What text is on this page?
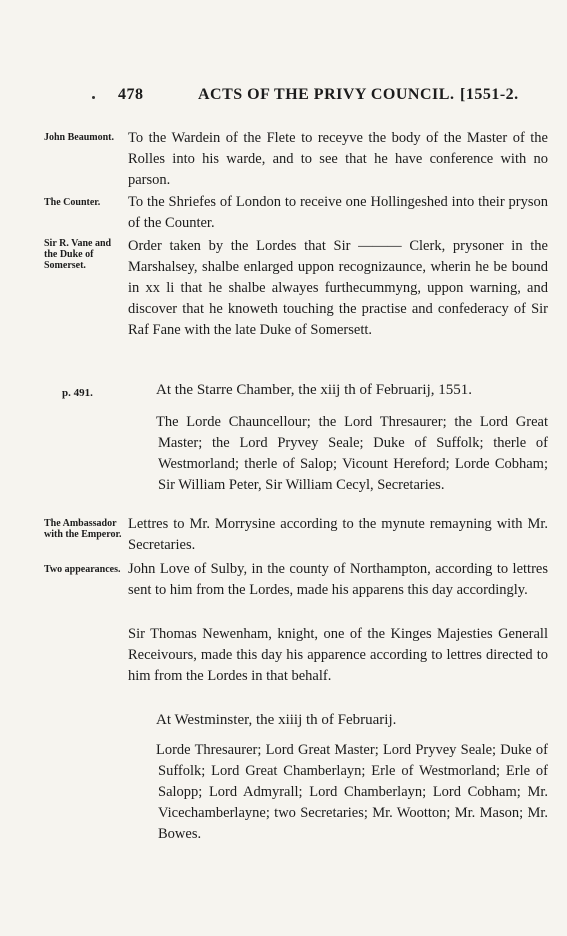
478	ACTS OF THE PRIVY COUNCIL. [1551-2.
John Beaumont. To the Wardein of the Flete to receyve the body of the Master of the Rolles into his warde, and to see that he have conference with no parson.
The Counter.	To the Shriefes of London to receive one Hollingeshed into their pryson of the Counter.
Sir R. Vane and the Duke of Somerset.
Order taken by the Lordes that Sir ——— Clerk, prysoner in the Marshalsey, shalbe enlarged uppon recognizaunce, wherin he be bound in xx li that he shalbe alwayes furthecummyng, uppon warning, and discover that he knoweth touching the practise and confederacy of Sir Raf Fane with the late Duke of Somersett.
p. 491.	At the Starre Chamber, the xiij th of Februarij, 1551.
The Lorde Chauncellour; the Lord Thresaurer; the Lord Great Master; the Lord Pryvey Seale; Duke of Suffolk; therle of Westmorland; therle of Salop; Vicount Hereford; Lorde Cobham; Sir William Peter, Sir William Cecyl, Secretaries.
The Ambassador with the Emperor.
Lettres to Mr. Morrysine according to the mynute remayning with Mr. Secretaries.
Two appearances. John Love of Sulby, in the county of Northampton, according to lettres sent to him from the Lordes, made his apparens this day accordingly.
Sir Thomas Newenham, knight, one of the Kinges Majesties Generall Receivours, made this day his apparence according to lettres directed to him from the Lordes in that behalf.
At Westminster, the xiiij th of Februarij.
Lorde Thresaurer; Lord Great Master; Lord Pryvey Seale; Duke of Suffolk; Lord Great Chamberlayn; Erle of Westmorland; Erle of Salopp; Lord Admyrall; Lord Chamberlayn; Lord Cobham; Mr. Vicechamberlayne; two Secretaries; Mr. Wootton; Mr. Mason; Mr. Bowes.
